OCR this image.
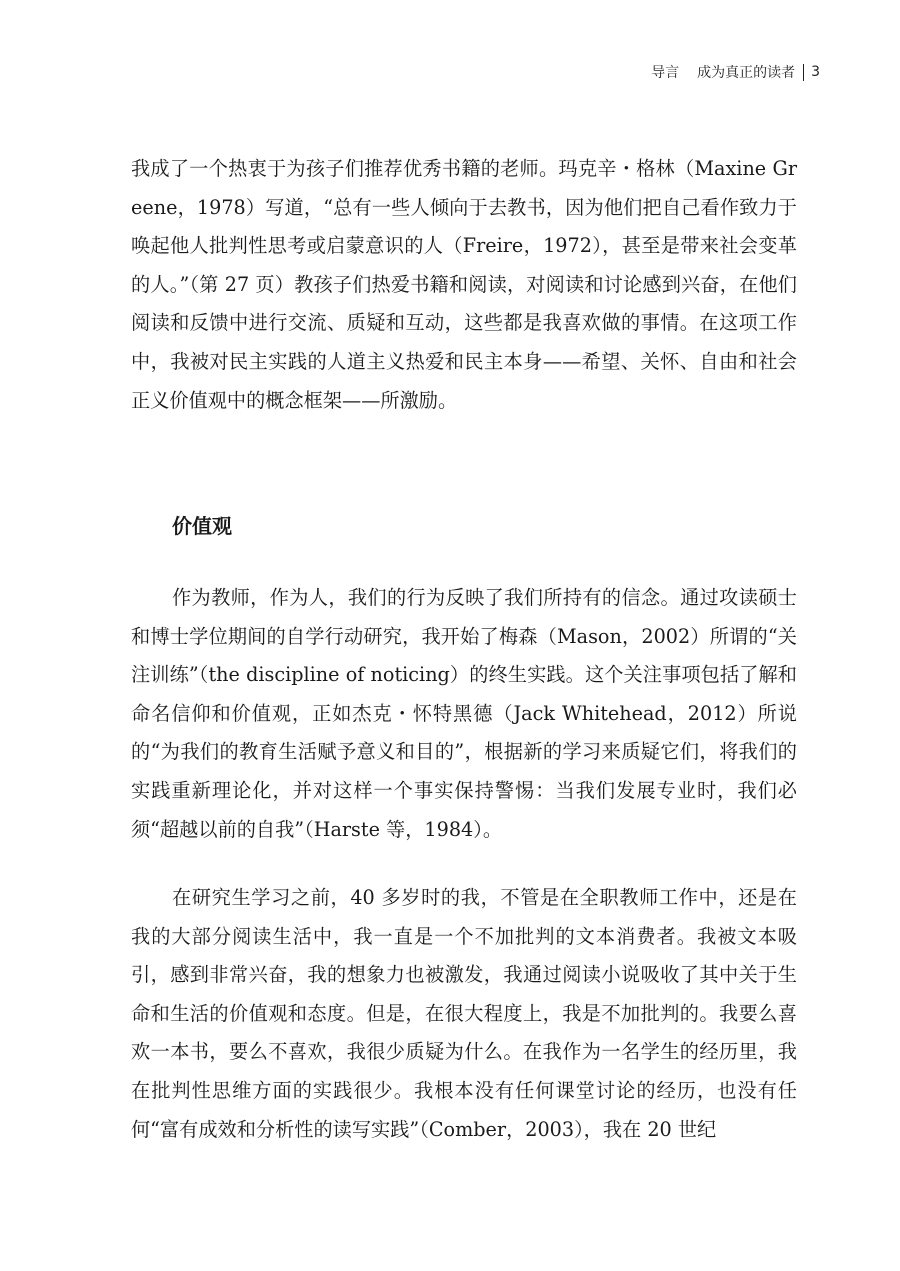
导言 成为真正的读者 3

我成了一个热衷于为孩子们推荐优秀书籍的老师。玛克辛・格林（Maxine Greene，1978）写道，“总有一些人倾向于去教书，因为他们把自己看作致力于唤起他人批判性思考或启蒙意识的人（Freire，1972），甚至是带来社会变革的人。”（第 27 页）教孩子们热爱书籍和阅读，对阅读和讨论感到兴奋，在他们阅读和反馈中进行交流、质疑和互动，这些都是我喜欢做的事情。在这项工作中，我被对民主实践的人道主义热爱和民主本身——希望、关怀、自由和社会正义价值观中的概念框架——所激励。

价值观

作为教师，作为人，我们的行为反映了我们所持有的信念。通过攻读硕士和博士学位期间的自学行动研究，我开始了梅森（Mason，2002）所谓的“关注训练”（the discipline of noticing）的终生实践。这个关注事项包括了解和命名信仰和价值观，正如杰克・怀特黑德（Jack Whitehead，2012）所说的“为我们的教育生活赋予意义和目的”，根据新的学习来质疑它们，将我们的实践重新理论化，并对这样一个事实保持警惕：当我们发展专业时，我们必须“超越以前的自我”（Harste 等，1984）。

在研究生学习之前，40 多岁时的我，不管是在全职教师工作中，还是在我的大部分阅读生活中，我一直是一个不加批判的文本消费者。我被文本吸引，感到非常兴奋，我的想象力也被激发，我通过阅读小说吸收了其中关于生命和生活的价值观和态度。但是，在很大程度上，我是不加批判的。我要么喜欢一本书，要么不喜欢，我很少质疑为什么。在我作为一名学生的经历里，我在批判性思维方面的实践很少。我根本没有任何课堂讨论的经历，也没有任何“富有成效和分析性的读写实践”（Comber，2003），我在 20 世纪
